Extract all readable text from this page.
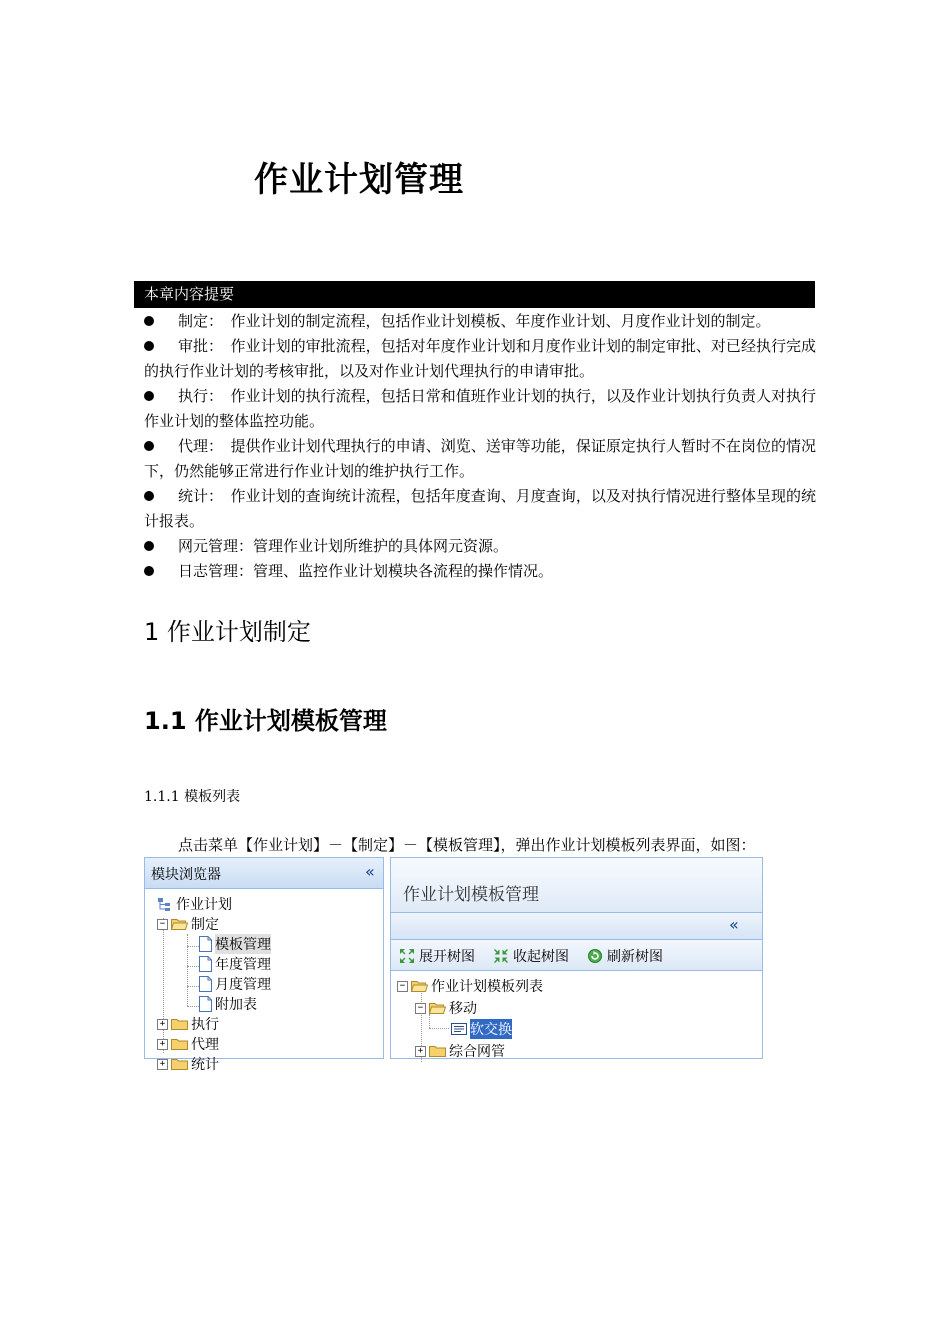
作业计划管理
本章内容提要
制定：　作业计划的制定流程，包括作业计划模板、年度作业计划、月度作业计划的制定。
审批：　作业计划的审批流程，包括对年度作业计划和月度作业计划的制定审批、对已经执行完成的执行作业计划的考核审批，以及对作业计划代理执行的申请审批。
执行：　作业计划的执行流程，包括日常和值班作业计划的执行，以及作业计划执行负责人对执行作业计划的整体监控功能。
代理：　提供作业计划代理执行的申请、浏览、送审等功能，保证原定执行人暂时不在岗位的情况下，仍然能够正常进行作业计划的维护执行工作。
统计：　作业计划的查询统计流程，包括年度查询、月度查询，以及对执行情况进行整体呈现的统计报表。
网元管理：管理作业计划所维护的具体网元资源。
日志管理：管理、监控作业计划模块各流程的操作情况。
1 作业计划制定
1.1 作业计划模板管理
1.1.1 模板列表
点击菜单【作业计划】－【制定】－【模板管理】，弹出作业计划模板列表界面，如图：
模块浏览器	«
作业计划
− 制定
模板管理
年度管理
月度管理
附加表
+ 执行
+ 代理
+ 统计
作业计划模板管理
«
展开树图	收起树图	刷新树图
− 作业计划模板列表
− 移动
软交换
+ 综合网管
